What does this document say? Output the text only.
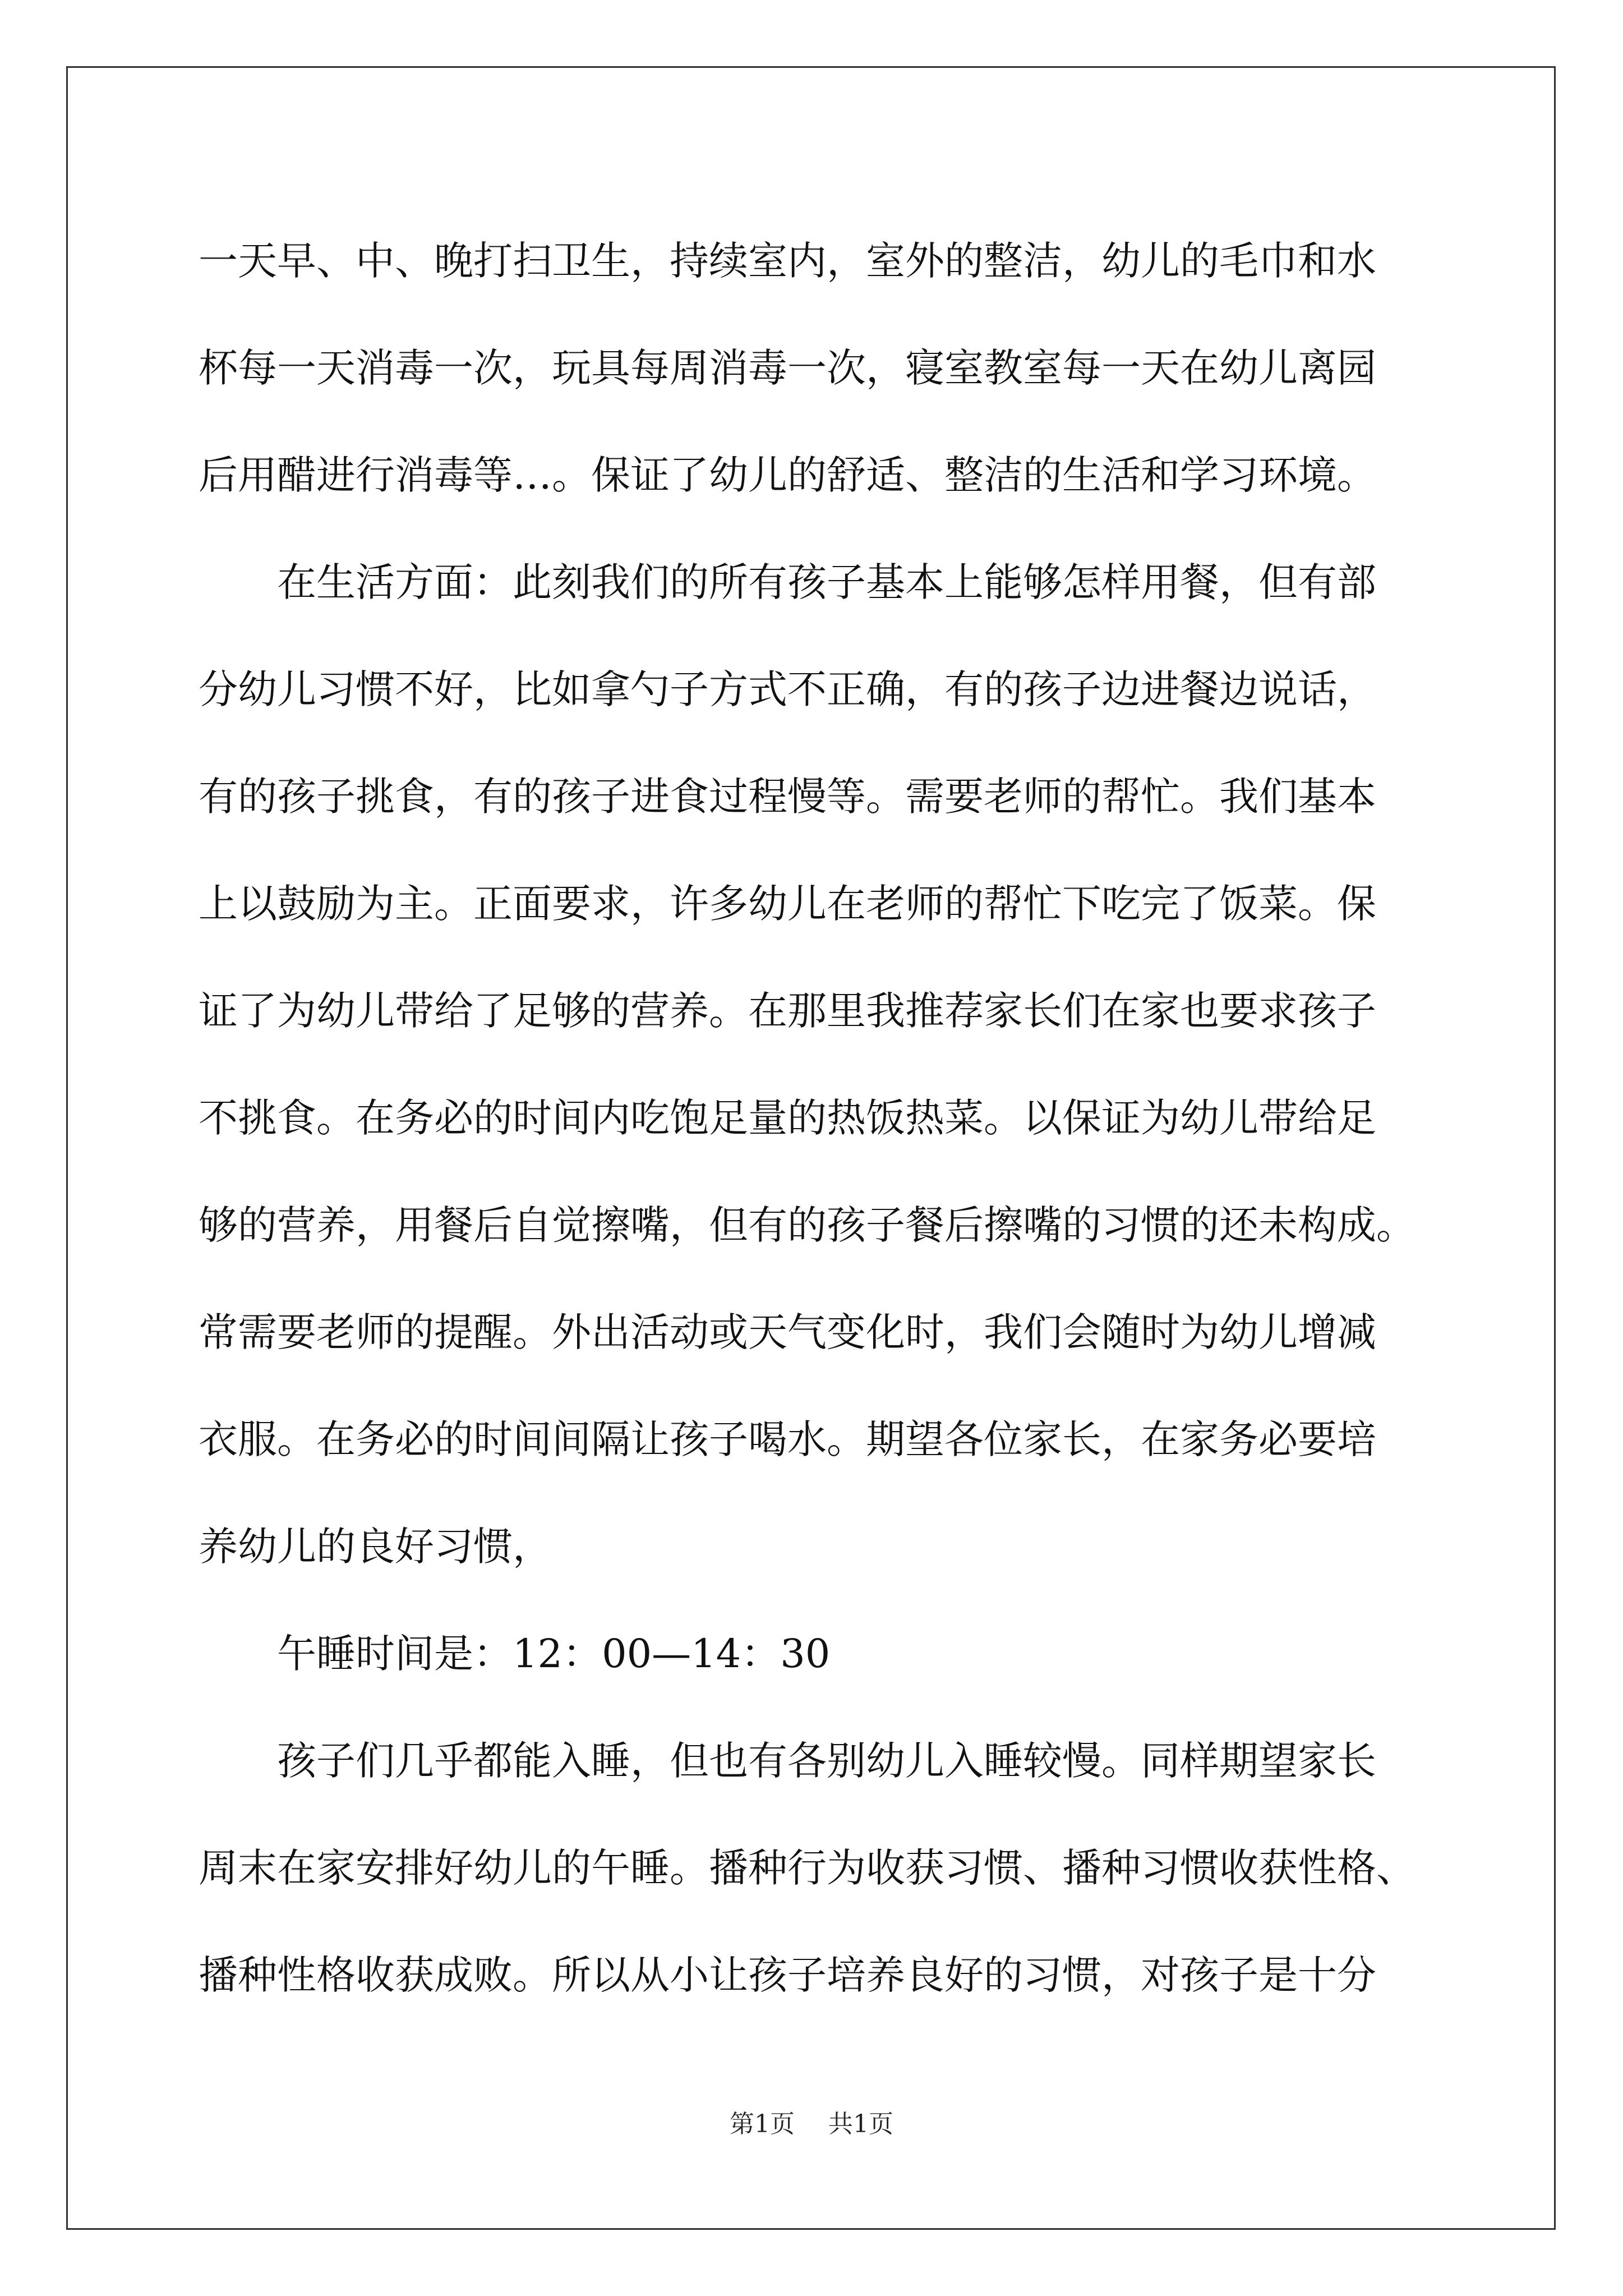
一天早、中、晚打扫卫生，持续室内，室外的整洁，幼儿的毛巾和水
杯每一天消毒一次，玩具每周消毒一次，寝室教室每一天在幼儿离园
后用醋进行消毒等…。保证了幼儿的舒适、整洁的生活和学习环境。
在生活方面：此刻我们的所有孩子基本上能够怎样用餐，但有部
分幼儿习惯不好，比如拿勺子方式不正确，有的孩子边进餐边说话，
有的孩子挑食，有的孩子进食过程慢等。需要老师的帮忙。我们基本
上以鼓励为主。正面要求，许多幼儿在老师的帮忙下吃完了饭菜。保
证了为幼儿带给了足够的营养。在那里我推荐家长们在家也要求孩子
不挑食。在务必的时间内吃饱足量的热饭热菜。以保证为幼儿带给足
够的营养，用餐后自觉擦嘴，但有的孩子餐后擦嘴的习惯的还未构成。
常需要老师的提醒。外出活动或天气变化时，我们会随时为幼儿增减
衣服。在务必的时间间隔让孩子喝水。期望各位家长，在家务必要培
养幼儿的良好习惯，
午睡时间是：12：00—14：30
孩子们几乎都能入睡，但也有各别幼儿入睡较慢。同样期望家长
周末在家安排好幼儿的午睡。播种行为收获习惯、播种习惯收获性格、
播种性格收获成败。所以从小让孩子培养良好的习惯，对孩子是十分
第1页 共1页
